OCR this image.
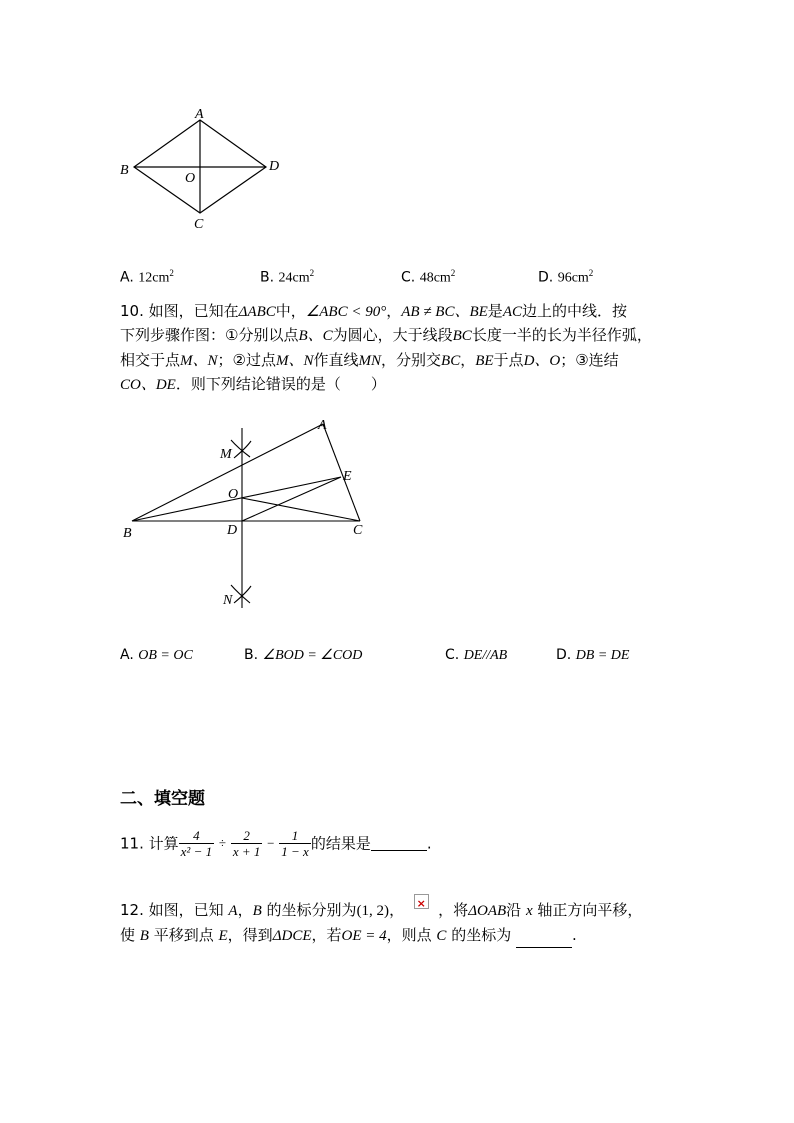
A
B
O
D
C
A. $12cm^2$	B. $24cm^2$	C. $48cm^2$	D. $96cm^2$
10. 如图，已知在ΔABC中，∠ABC < 90°，AB ≠ BC、BE是AC边上的中线．按
下列步骤作图：①分别以点B、C为圆心，大于线段BC长度一半的长为半径作弧，
相交于点M、N；②过点M、N作直线MN，分别交BC，BE于点D、O；③连结
CO、DE．则下列结论错误的是（　　）
A
M
E
O
B	D	C
N
A. OB = OC	B. ∠BOD = ∠COD	C. DE//AB	D. DB = DE
二、填空题
11. 计算 $\frac{4}{\text{x² − 1}} \div \frac{2}{x + 1} - \frac{1}{1 - x}$ 的结果是	.
12. 如图，已知 A，B 的坐标分别为(1, 2)， × ，将ΔOAB沿 x 轴正方向平移，
使 B 平移到点 E，得到ΔDCE，若OE = 4，则点 C 的坐标为	.
